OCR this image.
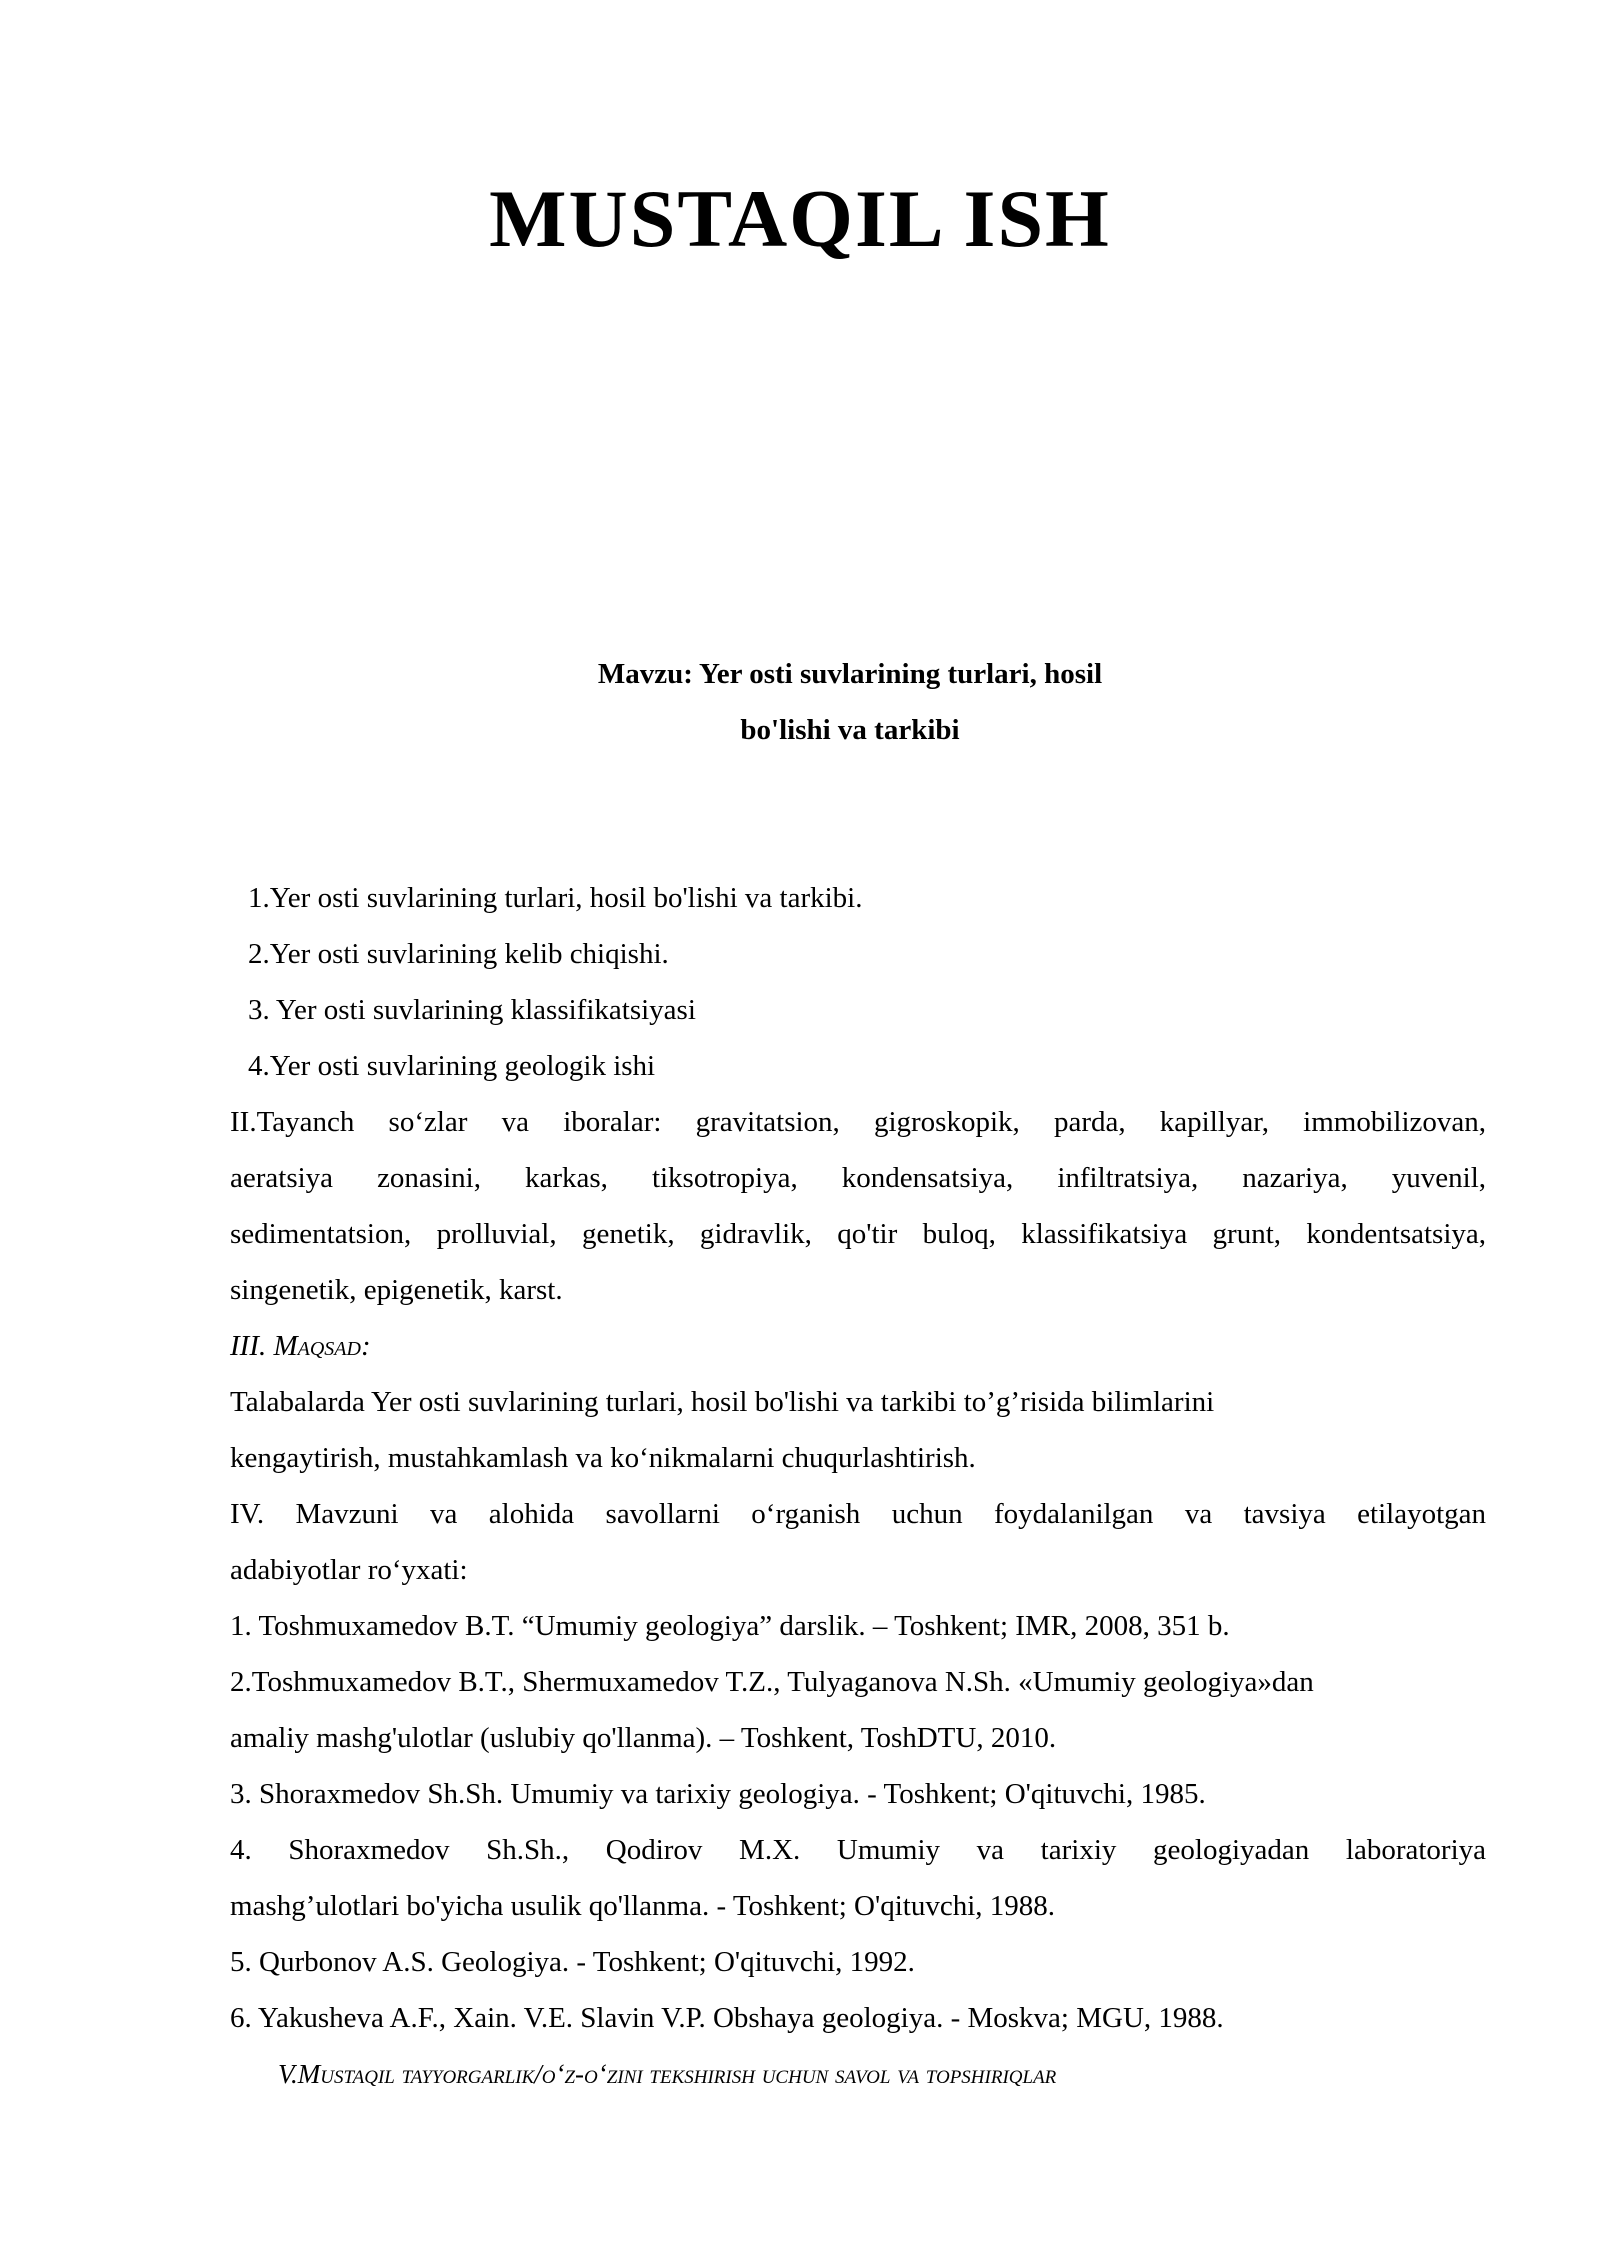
MUSTAQIL ISH

Mavzu: Yer osti suvlarining turlari, hosil

bo'lishi va tarkibi

1.Yer osti suvlarining turlari, hosil bo'lishi va tarkibi.
2.Yer osti suvlarining kelib chiqishi.
3. Yer osti suvlarining klassifikatsiyasi
4.Yer osti suvlarining geologik ishi
II.Tayanch so‘zlar va iboralar: gravitatsion, gigroskopik, parda, kapillyar, immobilizovan,
aeratsiya zonasini, karkas, tiksotropiya, kondensatsiya, infiltratsiya, nazariya, yuvenil,
sedimentatsion, prolluvial, genetik, gidravlik, qo'tir buloq, klassifikatsiya grunt, kondentsatsiya,
singenetik, epigenetik, karst.
III. Maqsad:
Talabalarda Yer osti suvlarining turlari, hosil bo'lishi va tarkibi to’g’risida bilimlarini
kengaytirish, mustahkamlash va ko‘nikmalarni chuqurlashtirish.
IV. Mavzuni va alohida savollarni o‘rganish uchun foydalanilgan va tavsiya etilayotgan
adabiyotlar ro‘yxati:
1. Toshmuxamedov B.T. “Umumiy geologiya” darslik. – Toshkent; IMR, 2008, 351 b.
2.Toshmuxamedov B.T., Shermuxamedov T.Z., Tulyaganova N.Sh. «Umumiy geologiya»dan
amaliy mashg'ulotlar (uslubiy qo'llanma). – Toshkent, ToshDTU, 2010.
3. Shoraxmedov Sh.Sh. Umumiy va tarixiy geologiya. - Toshkent; O'qituvchi, 1985.
4. Shoraxmedov Sh.Sh., Qodirov M.X. Umumiy va tarixiy geologiyadan laboratoriya
mashg’ulotlari bo'yicha usulik qo'llanma. - Toshkent; O'qituvchi, 1988.
5. Qurbonov A.S. Geologiya. - Toshkent; O'qituvchi, 1992.
6. Yakusheva A.F., Xain. V.E. Slavin V.P. Obshaya geologiya. - Moskva; MGU, 1988.
V.Mustaqil tayyorgarlik/o‘z-o‘zini tekshirish uchun savol va topshiriqlar
